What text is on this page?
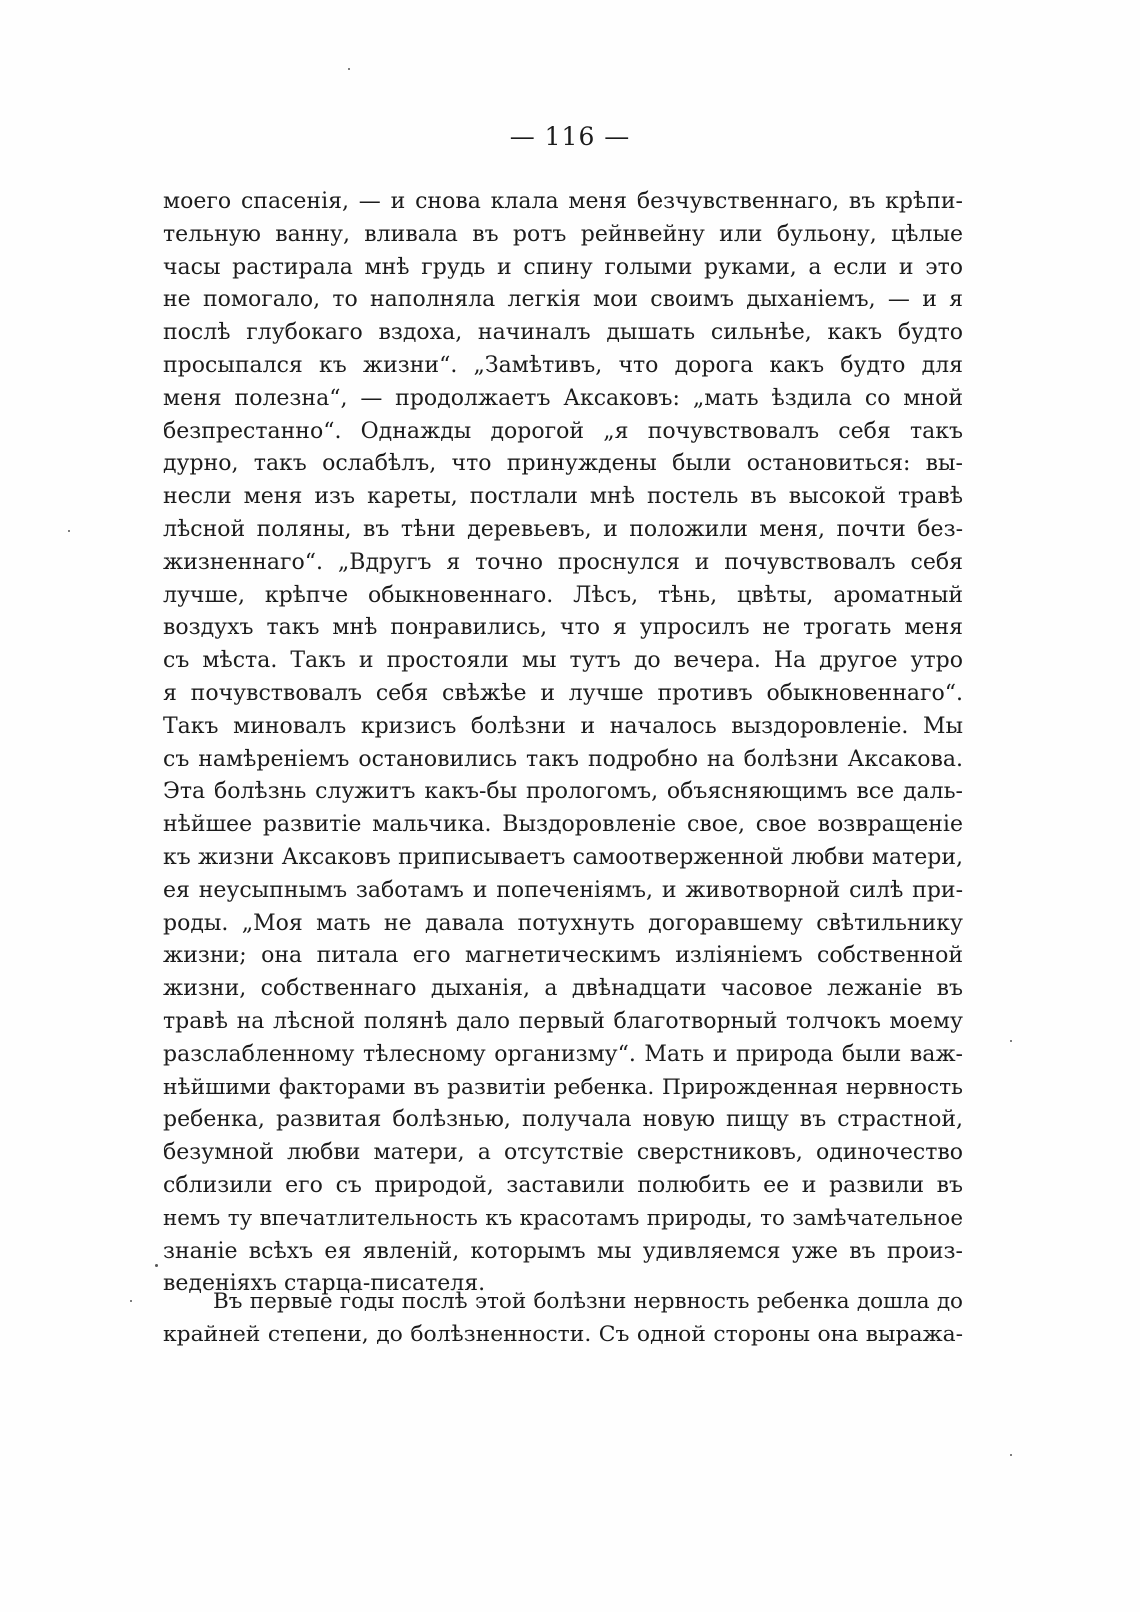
— 116 —
моего спасенія, — и снова клала меня безчувственнаго, въ крѣпи-
тельную ванну, вливала въ ротъ рейнвейну или бульону, цѣлые
часы растирала мнѣ грудь и спину голыми руками, а если и это
не помогало, то наполняла легкія мои своимъ дыханіемъ, — и я
послѣ глубокаго вздоха, начиналъ дышать сильнѣе, какъ будто
просыпался къ жизни“. „Замѣтивъ, что дорога какъ будто для
меня полезна“, — продолжаетъ Аксаковъ: „мать ѣздила со мной
безпрестанно“. Однажды дорогой „я почувствовалъ себя такъ
дурно, такъ ослабѣлъ, что принуждены были остановиться: вы-
несли меня изъ кареты, постлали мнѣ постель въ высокой травѣ
лѣсной поляны, въ тѣни деревьевъ, и положили меня, почти без-
жизненнаго“. „Вдругъ я точно проснулся и почувствовалъ себя
лучше, крѣпче обыкновеннаго. Лѣсъ, тѣнь, цвѣты, ароматный
воздухъ такъ мнѣ понравились, что я упросилъ не трогать меня
съ мѣста. Такъ и простояли мы тутъ до вечера. На другое утро
я почувствовалъ себя свѣжѣе и лучше противъ обыкновеннаго“.
Такъ миновалъ кризисъ болѣзни и началось выздоровленіе. Мы
съ намѣреніемъ остановились такъ подробно на болѣзни Аксакова.
Эта болѣзнь служитъ какъ-бы прологомъ, объясняющимъ все даль-
нѣйшее развитіе мальчика. Выздоровленіе свое, свое возвращеніе
къ жизни Аксаковъ приписываетъ самоотверженной любви матери,
ея неусыпнымъ заботамъ и попеченіямъ, и животворной силѣ при-
роды. „Моя мать не давала потухнуть догоравшему свѣтильнику
жизни; она питала его магнетическимъ изліяніемъ собственной
жизни, собственнаго дыханія, а двѣнадцати часовое лежаніе въ
травѣ на лѣсной полянѣ дало первый благотворный толчокъ моему
разслабленному тѣлесному организму“. Мать и природа были важ-
нѣйшими факторами въ развитіи ребенка. Прирожденная нервность
ребенка, развитая болѣзнью, получала новую пищу въ страстной,
безумной любви матери, а отсутствіе сверстниковъ, одиночество
сблизили его съ природой, заставили полюбить ее и развили въ
немъ ту впечатлительность къ красотамъ природы, то замѣчательное
знаніе всѣхъ ея явленій, которымъ мы удивляемся уже въ произ-
веденіяхъ старца-писателя.
Въ первые годы послѣ этой болѣзни нервность ребенка дошла до
крайней степени, до болѣзненности. Съ одной стороны она выража-
